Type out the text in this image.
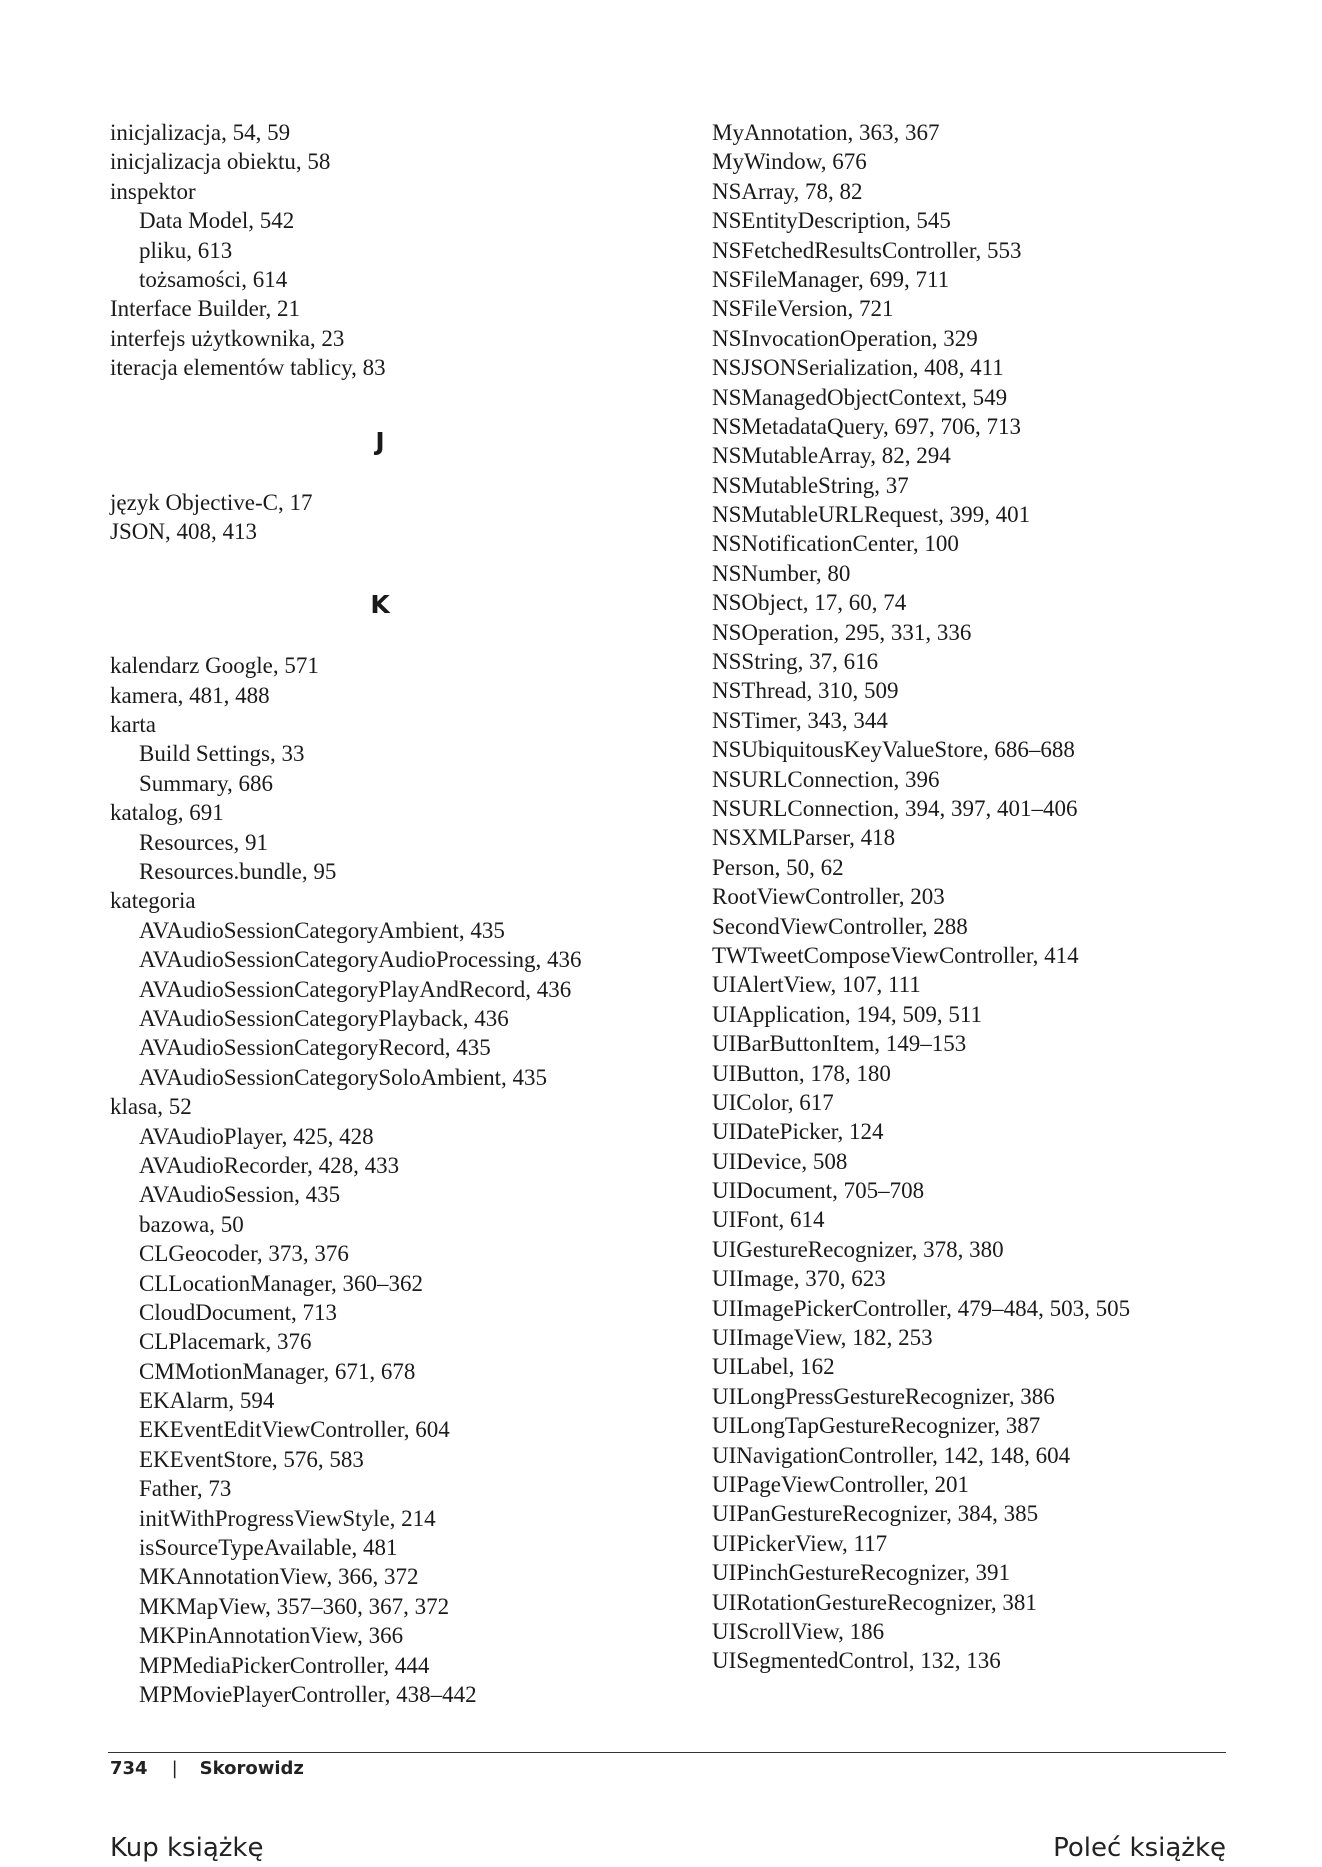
inicjalizacja, 54, 59
inicjalizacja obiektu, 58
inspektor
Data Model, 542
pliku, 613
tożsamości, 614
Interface Builder, 21
interfejs użytkownika, 23
iteracja elementów tablicy, 83
J
język Objective-C, 17
JSON, 408, 413
K
kalendarz Google, 571
kamera, 481, 488
karta
Build Settings, 33
Summary, 686
katalog, 691
Resources, 91
Resources.bundle, 95
kategoria
AVAudioSessionCategoryAmbient, 435
AVAudioSessionCategoryAudioProcessing, 436
AVAudioSessionCategoryPlayAndRecord, 436
AVAudioSessionCategoryPlayback, 436
AVAudioSessionCategoryRecord, 435
AVAudioSessionCategorySoloAmbient, 435
klasa, 52
AVAudioPlayer, 425, 428
AVAudioRecorder, 428, 433
AVAudioSession, 435
bazowa, 50
CLGeocoder, 373, 376
CLLocationManager, 360–362
CloudDocument, 713
CLPlacemark, 376
CMMotionManager, 671, 678
EKAlarm, 594
EKEventEditViewController, 604
EKEventStore, 576, 583
Father, 73
initWithProgressViewStyle, 214
isSourceTypeAvailable, 481
MKAnnotationView, 366, 372
MKMapView, 357–360, 367, 372
MKPinAnnotationView, 366
MPMediaPickerController, 444
MPMoviePlayerController, 438–442
MyAnnotation, 363, 367
MyWindow, 676
NSArray, 78, 82
NSEntityDescription, 545
NSFetchedResultsController, 553
NSFileManager, 699, 711
NSFileVersion, 721
NSInvocationOperation, 329
NSJSONSerialization, 408, 411
NSManagedObjectContext, 549
NSMetadataQuery, 697, 706, 713
NSMutableArray, 82, 294
NSMutableString, 37
NSMutableURLRequest, 399, 401
NSNotificationCenter, 100
NSNumber, 80
NSObject, 17, 60, 74
NSOperation, 295, 331, 336
NSString, 37, 616
NSThread, 310, 509
NSTimer, 343, 344
NSUbiquitousKeyValueStore, 686–688
NSURLConnection, 396
NSURLConnection, 394, 397, 401–406
NSXMLParser, 418
Person, 50, 62
RootViewController, 203
SecondViewController, 288
TWTweetComposeViewController, 414
UIAlertView, 107, 111
UIApplication, 194, 509, 511
UIBarButtonItem, 149–153
UIButton, 178, 180
UIColor, 617
UIDatePicker, 124
UIDevice, 508
UIDocument, 705–708
UIFont, 614
UIGestureRecognizer, 378, 380
UIImage, 370, 623
UIImagePickerController, 479–484, 503, 505
UIImageView, 182, 253
UILabel, 162
UILongPressGestureRecognizer, 386
UILongTapGestureRecognizer, 387
UINavigationController, 142, 148, 604
UIPageViewController, 201
UIPanGestureRecognizer, 384, 385
UIPickerView, 117
UIPinchGestureRecognizer, 391
UIRotationGestureRecognizer, 381
UIScrollView, 186
UISegmentedControl, 132, 136
734 | Skorowidz
Kup książkę	Poleć książkę
